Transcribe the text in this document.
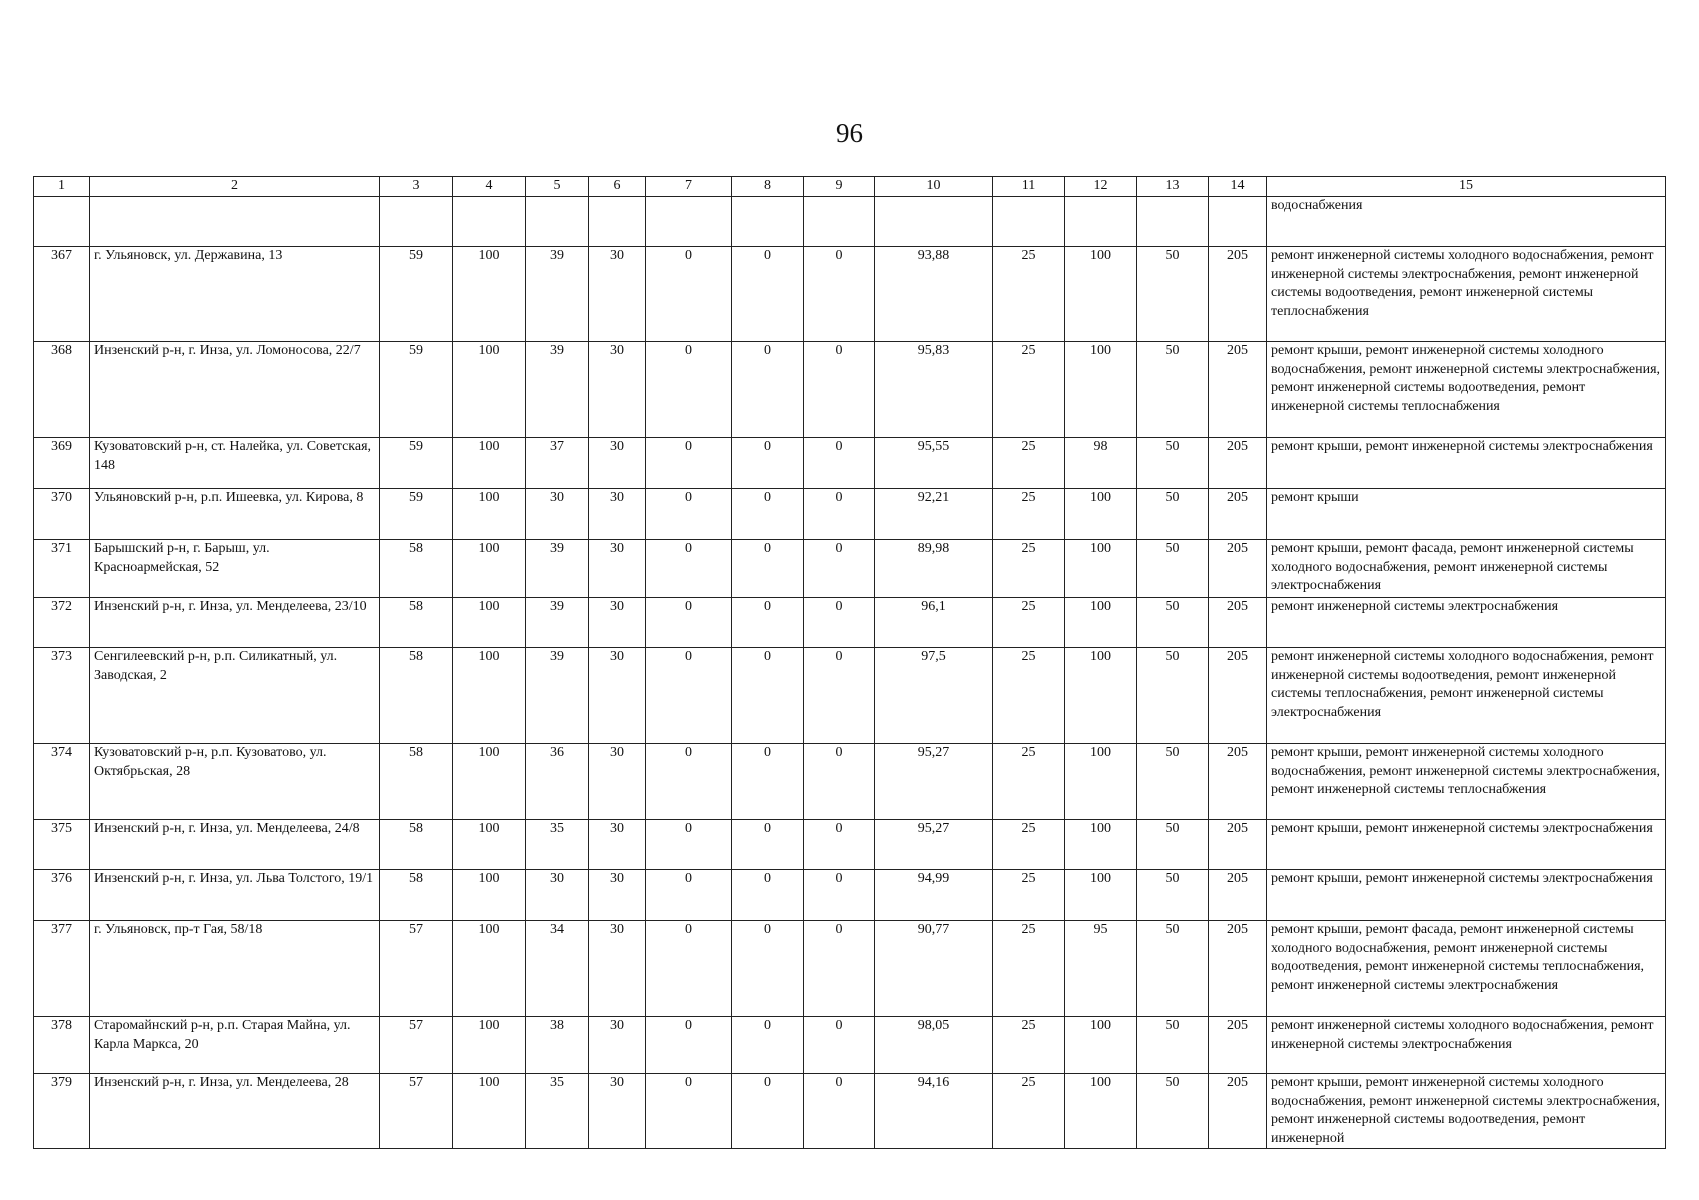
96
1	2	3	4	5	6	7	8	9	10	11	12	13	14	15
														водоснабжения
367	г. Ульяновск, ул. Державина, 13	59	100	39	30	0	0	0	93,88	25	100	50	205	ремонт инженерной системы холодного водоснабжения, ремонт инженерной системы электроснабжения, ремонт инженерной системы водоотведения, ремонт инженерной системы теплоснабжения
368	Инзенский р-н, г. Инза, ул. Ломоносова, 22/7	59	100	39	30	0	0	0	95,83	25	100	50	205	ремонт крыши, ремонт инженерной системы холодного водоснабжения, ремонт инженерной системы электроснабжения, ремонт инженерной системы водоотведения, ремонт инженерной системы теплоснабжения
369	Кузоватовский р-н, ст. Налейка, ул. Советская, 148	59	100	37	30	0	0	0	95,55	25	98	50	205	ремонт крыши, ремонт инженерной системы электроснабжения
370	Ульяновский р-н, р.п. Ишеевка, ул. Кирова, 8	59	100	30	30	0	0	0	92,21	25	100	50	205	ремонт крыши
371	Барышский р-н, г. Барыш, ул. Красноармейская, 52	58	100	39	30	0	0	0	89,98	25	100	50	205	ремонт крыши, ремонт фасада, ремонт инженерной системы холодного водоснабжения, ремонт инженерной системы электроснабжения
372	Инзенский р-н, г. Инза, ул. Менделеева, 23/10	58	100	39	30	0	0	0	96,1	25	100	50	205	ремонт инженерной системы электроснабжения
373	Сенгилеевский р-н, р.п. Силикатный, ул. Заводская, 2	58	100	39	30	0	0	0	97,5	25	100	50	205	ремонт инженерной системы холодного водоснабжения, ремонт инженерной системы водоотведения, ремонт инженерной системы теплоснабжения, ремонт инженерной системы электроснабжения
374	Кузоватовский р-н, р.п. Кузоватово, ул. Октябрьская, 28	58	100	36	30	0	0	0	95,27	25	100	50	205	ремонт крыши, ремонт инженерной системы холодного водоснабжения, ремонт инженерной системы электроснабжения, ремонт инженерной системы теплоснабжения
375	Инзенский р-н, г. Инза, ул. Менделеева, 24/8	58	100	35	30	0	0	0	95,27	25	100	50	205	ремонт крыши, ремонт инженерной системы электроснабжения
376	Инзенский р-н, г. Инза, ул. Льва Толстого, 19/1	58	100	30	30	0	0	0	94,99	25	100	50	205	ремонт крыши, ремонт инженерной системы электроснабжения
377	г. Ульяновск, пр-т Гая, 58/18	57	100	34	30	0	0	0	90,77	25	95	50	205	ремонт крыши, ремонт фасада, ремонт инженерной системы холодного водоснабжения, ремонт инженерной системы водоотведения, ремонт инженерной системы теплоснабжения, ремонт инженерной системы электроснабжения
378	Старомайнский р-н, р.п. Старая Майна, ул. Карла Маркса, 20	57	100	38	30	0	0	0	98,05	25	100	50	205	ремонт инженерной системы холодного водоснабжения, ремонт инженерной системы электроснабжения
379	Инзенский р-н, г. Инза, ул. Менделеева, 28	57	100	35	30	0	0	0	94,16	25	100	50	205	ремонт крыши, ремонт инженерной системы холодного водоснабжения, ремонт инженерной системы электроснабжения, ремонт инженерной системы водоотведения, ремонт инженерной
